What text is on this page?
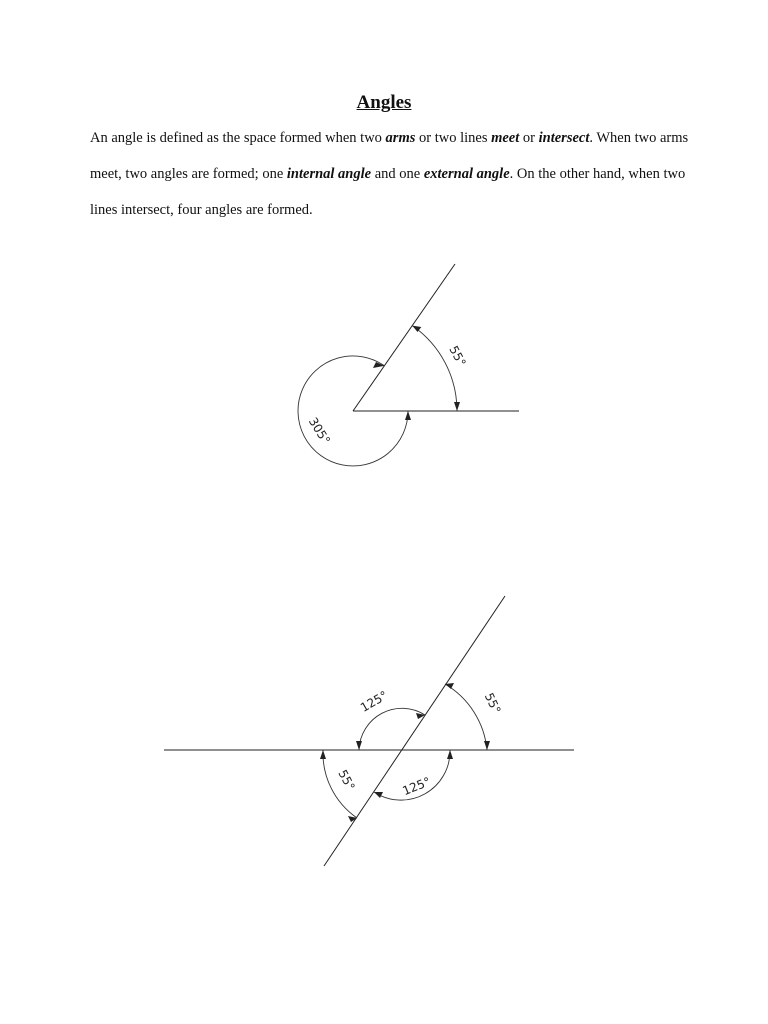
Angles

An angle is defined as the space formed when two arms or two lines meet or intersect. When two arms meet, two angles are formed; one internal angle and one external angle. On the other hand, when two lines intersect, four angles are formed.

55°
305°
55°
125°
55°	125°
